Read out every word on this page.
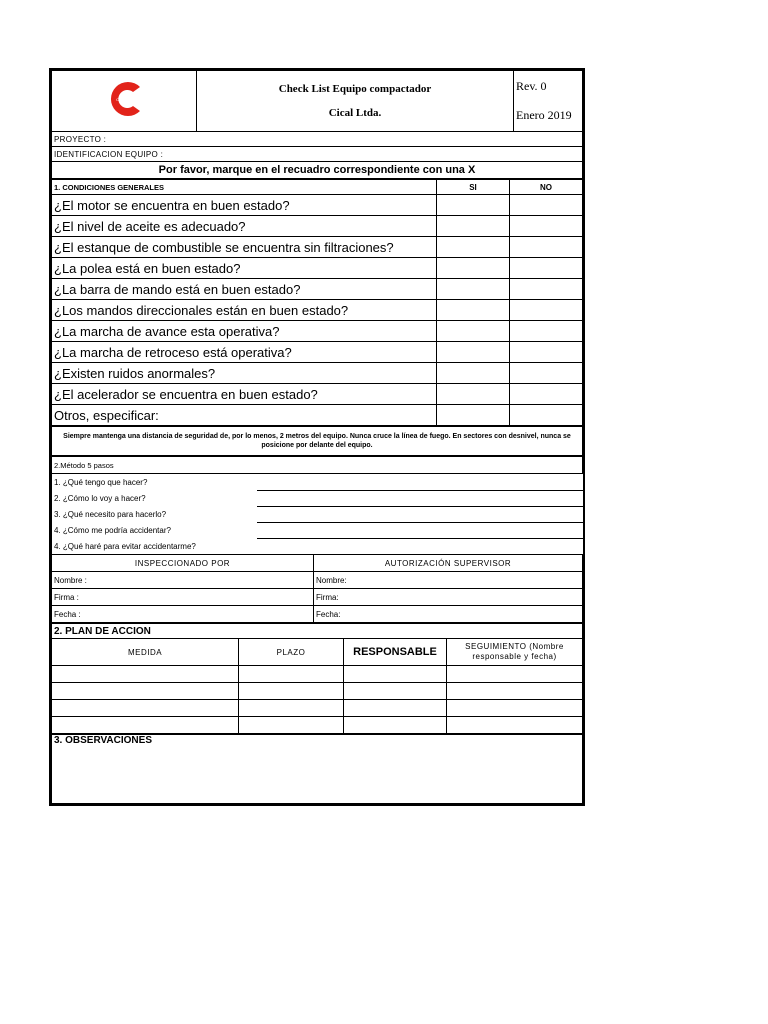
CICAL

Check List Equipo compactador
Cical Ltda.

Rev. 0
Enero 2019
PROYECTO :
IDENTIFICACION EQUIPO :
Por favor, marque en el recuadro correspondiente con una X
1. CONDICIONES GENERALES	SI	NO
¿El motor se encuentra en buen estado?		
¿El nivel de aceite es adecuado?		
¿El estanque de combustible se encuentra sin filtraciones?		
¿La polea está en buen estado?		
¿La barra de mando está en buen estado?		
¿Los mandos direccionales están en buen estado?		
¿La marcha de avance esta operativa?		
¿La marcha de retroceso está operativa?		
¿Existen ruidos anormales?		
¿El acelerador se encuentra en buen estado?		
Otros, especificar:		
Siempre mantenga una distancia de seguridad de, por lo menos, 2 metros del equipo. Nunca cruce la línea de fuego. En sectores con desnivel, nunca se posicione por delante del equipo.
2.Método 5 pasos	
1. ¿Qué tengo que hacer?	
2. ¿Cómo lo voy a hacer?	
3. ¿Qué necesito para hacerlo?	
4. ¿Cómo me podría accidentar?	
4. ¿Qué haré para evitar accidentarme?	
INSPECCIONADO POR	AUTORIZACIÓN SUPERVISOR
Nombre :	Nombre:
Firma :	Firma:
Fecha :	Fecha:
2. PLAN DE ACCION			
MEDIDA	PLAZO	RESPONSABLE	SEGUIMIENTO (Nombre responsable y fecha)

3. OBSERVACIONES
